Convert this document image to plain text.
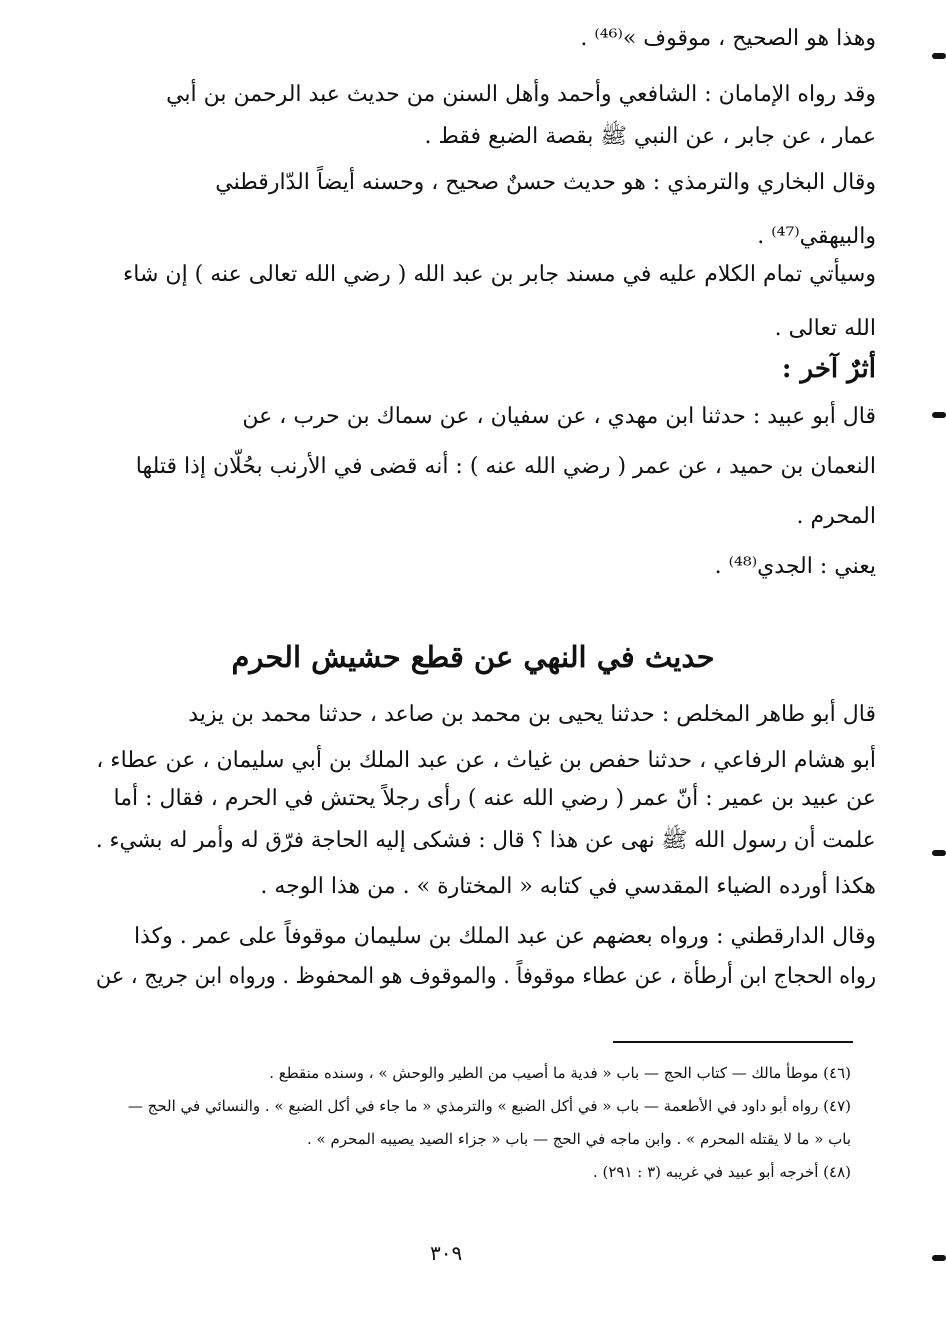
وهذا هو الصحيح ، موقوف »⁽⁴⁶⁾ .
وقد رواه الإمامان : الشافعي وأحمد وأهل السنن من حديث عبد الرحمن بن أبي
عمار ، عن جابر ، عن النبي ﷺ بقصة الضبع فقط .
وقال البخاري والترمذي : هو حديث حسنٌ صحيح ، وحسنه أيضاً الدّارقطني
والبيهقي⁽⁴⁷⁾ .
وسيأتي تمام الكلام عليه في مسند جابر بن عبد الله ( رضي الله تعالى عنه ) إن شاء
الله تعالى .
أثرٌ آخر :
قال أبو عبيد : حدثنا ابن مهدي ، عن سفيان ، عن سماك بن حرب ، عن
النعمان بن حميد ، عن عمر ( رضي الله عنه ) : أنه قضى في الأرنب بحُلّان إذا قتلها
المحرم .
يعني : الجدي⁽⁴⁸⁾ .
حديث في النهي عن قطع حشيش الحرم
قال أبو طاهر المخلص : حدثنا يحيى بن محمد بن صاعد ، حدثنا محمد بن يزيد
أبو هشام الرفاعي ، حدثنا حفص بن غياث ، عن عبد الملك بن أبي سليمان ، عن عطاء ،
عن عبيد بن عمير : أنّ عمر ( رضي الله عنه ) رأى رجلاً يحتش في الحرم ، فقال : أما
علمت أن رسول الله ﷺ نهى عن هذا ؟ قال : فشكى إليه الحاجة فرّق له وأمر له بشيء .
هكذا أورده الضياء المقدسي في كتابه « المختارة » . من هذا الوجه .
وقال الدارقطني : ورواه بعضهم عن عبد الملك بن سليمان موقوفاً على عمر . وكذا
رواه الحجاج ابن أرطأة ، عن عطاء موقوفاً . والموقوف هو المحفوظ . ورواه ابن جريج ، عن
(٤٦) موطأ مالك — كتاب الحج — باب « فدية ما أصيب من الطير والوحش » ، وسنده منقطع .
(٤٧) رواه أبو داود في الأطعمة — باب « في أكل الضبع » والترمذي « ما جاء في أكل الضبع » . والنسائي في الحج —
باب « ما لا يقتله المحرم » . وابن ماجه في الحج — باب « جزاء الصيد يصيبه المحرم » .
(٤٨) أخرجه أبو عبيد في غريبه (٣ : ٢٩١) .
٣٠٩
